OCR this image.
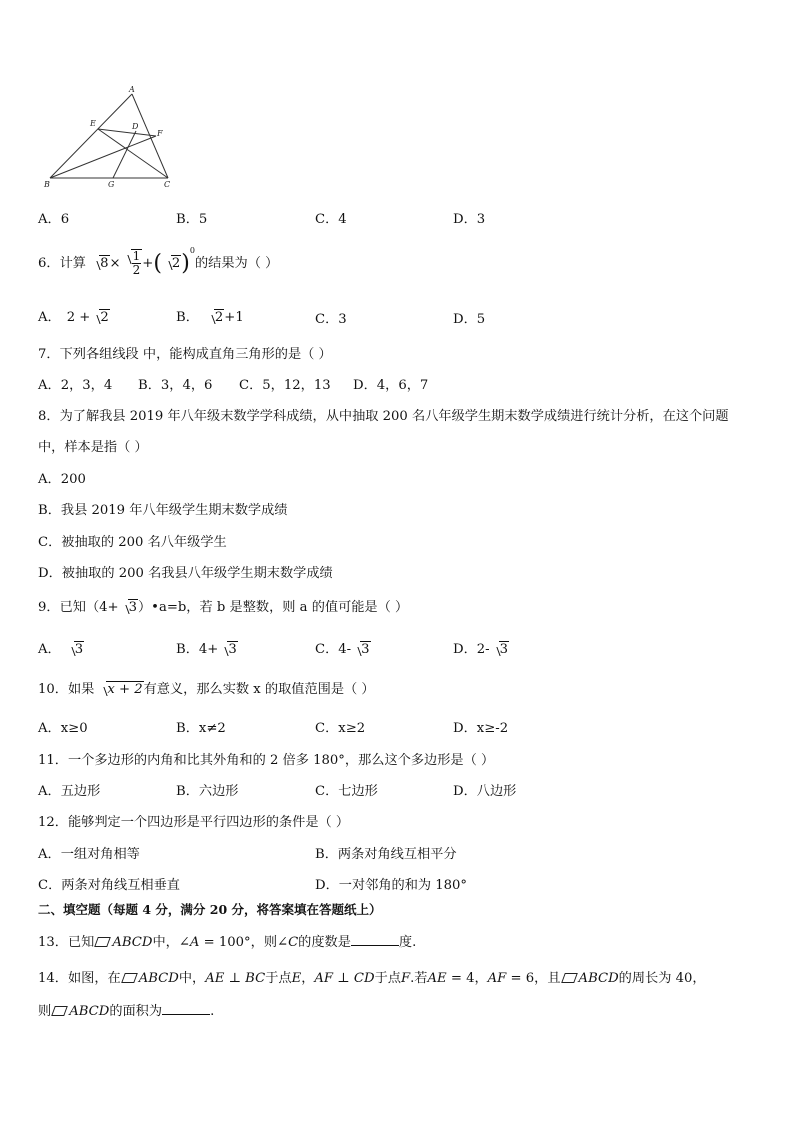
A
E	D
F
B	G	C
A．6	B．5	C．4	D．3
6．计算 $8\times \frac{1}{2}$ +( 2)$^0$的结果为（ ）
A． 2 + 2	B． 2+1	C．3	D．5
7．下列各组线段 中，能构成直角三角形的是（ ）
A．2，3，4 B．3，4，6 C．5，12，13 D．4，6，7
8．为了解我县 2019 年八年级末数学学科成绩，从中抽取 200 名八年级学生期末数学成绩进行统计分析，在这个问题
中，样本是指（ ）
A．200
B．我县 2019 年八年级学生期末数学成绩
C．被抽取的 200 名八年级学生
D．被抽取的 200 名我县八年级学生期末数学成绩
9．已知（4+ 3）•a=b，若 b 是整数，则 a 的值可能是（ ）
A． 3	B．4+ 3	C．4- 3	D．2- 3
10．如果 x + 2有意义，那么实数 x 的取值范围是（ ）
A．x≥0	B．x≠2	C．x≥2	D．x≥-2
11．一个多边形的内角和比其外角和的 2 倍多 180°，那么这个多边形是（ ）
A．五边形	B．六边形	C．七边形	D．八边形
12．能够判定一个四边形是平行四边形的条件是（ ）
A．一组对角相等	B．两条对角线互相平分
C．两条对角线互相垂直	D．一对邻角的和为 180°
二、填空题（每题 4 分，满分 20 分，将答案填在答题纸上）
13．已知 ABCD中，∠A = 100°，则∠C的度数是	度.
14．如图，在 ABCD中，AE ⊥ BC于点E，AF ⊥ CD于点F.若AE = 4，AF = 6，且 ABCD的周长为 40，
则 ABCD的面积为	.
